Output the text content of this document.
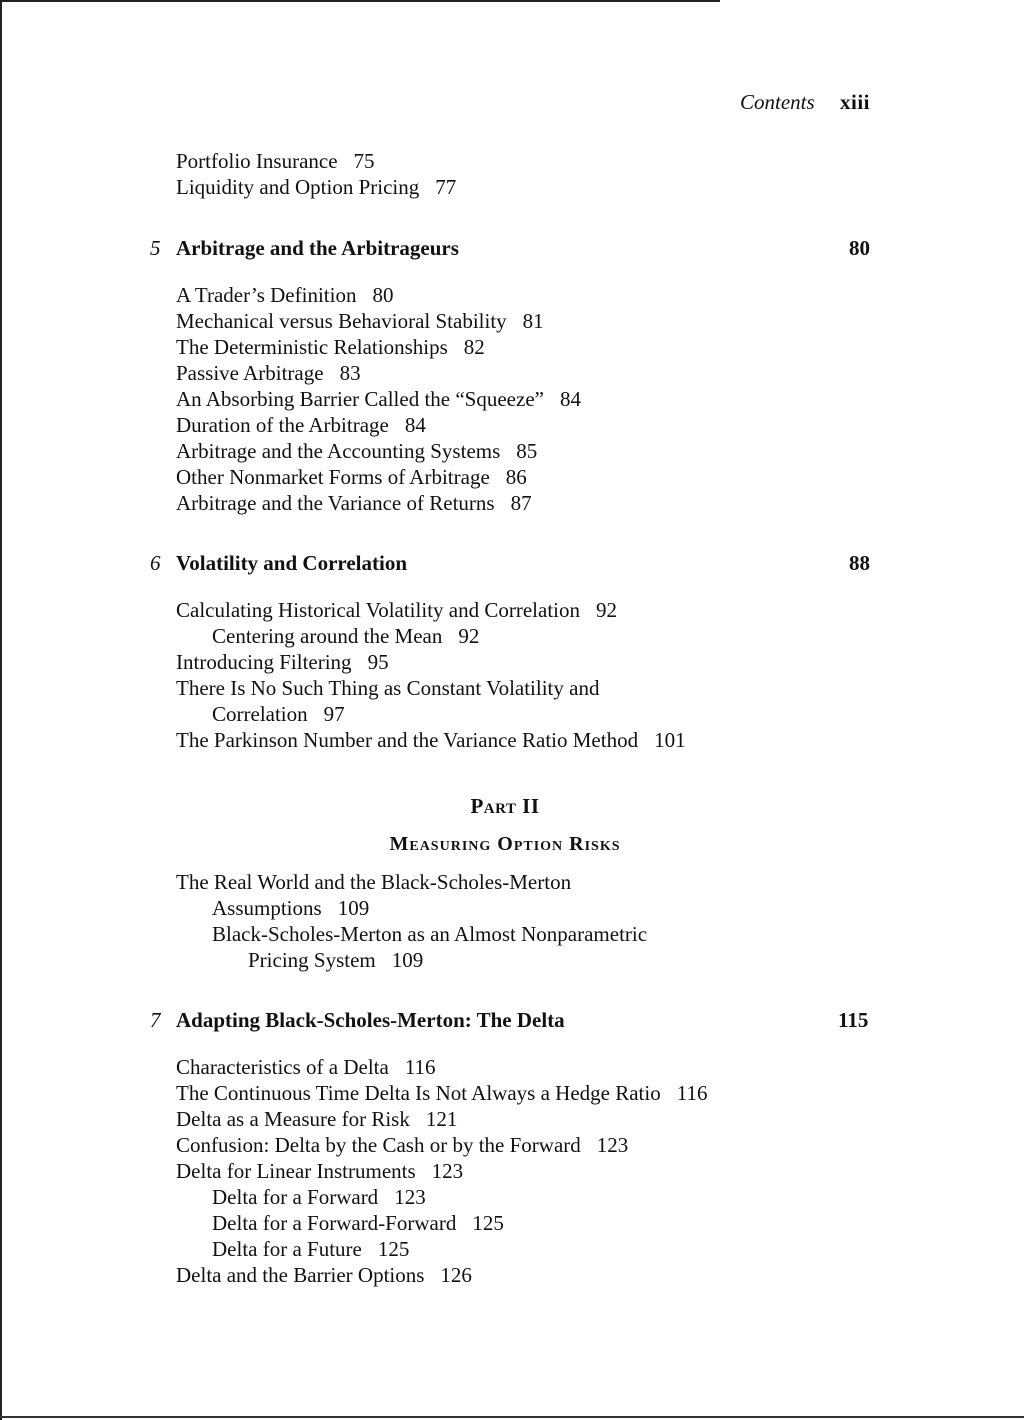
Contents xiii
Portfolio Insurance 75
Liquidity and Option Pricing 77
5 Arbitrage and the Arbitrageurs	80
A Trader’s Definition 80
Mechanical versus Behavioral Stability 81
The Deterministic Relationships 82
Passive Arbitrage 83
An Absorbing Barrier Called the “Squeeze” 84
Duration of the Arbitrage 84
Arbitrage and the Accounting Systems 85
Other Nonmarket Forms of Arbitrage 86
Arbitrage and the Variance of Returns 87
6 Volatility and Correlation	88
Calculating Historical Volatility and Correlation 92
Centering around the Mean 92
Introducing Filtering 95
There Is No Such Thing as Constant Volatility and
Correlation 97
The Parkinson Number and the Variance Ratio Method 101
Part II
Measuring Option Risks
The Real World and the Black-Scholes-Merton
Assumptions 109
Black-Scholes-Merton as an Almost Nonparametric
Pricing System 109
7 Adapting Black-Scholes-Merton: The Delta	115
Characteristics of a Delta 116
The Continuous Time Delta Is Not Always a Hedge Ratio 116
Delta as a Measure for Risk 121
Confusion: Delta by the Cash or by the Forward 123
Delta for Linear Instruments 123
Delta for a Forward 123
Delta for a Forward-Forward 125
Delta for a Future 125
Delta and the Barrier Options 126
